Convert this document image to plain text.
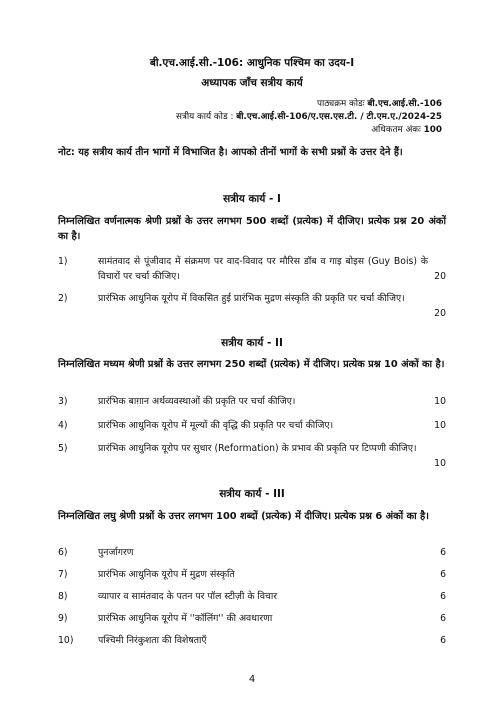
बी.एच.आई.सी.-106: आधुनिक पश्चिम का उदय-I
अध्यापक जाँच सत्रीय कार्य
पाठ्यक्रम कोडः बी.एच.आई.सी.-106
सत्रीय कार्य कोड : बी.एच.आई.सी-106/ए.एस.एस.टी. / टी.एम.ए./2024-25
अधिकतम अंकः 100
नोट: यह सत्रीय कार्य तीन भागों में विभाजित है। आपको तीनों भागों के सभी प्रश्नों के उत्तर देने हैं।
सत्रीय कार्य - I
निम्नलिखित वर्णनात्मक श्रेणी प्रश्नों के उत्तर लगभग 500 शब्दों (प्रत्येक) में दीजिए। प्रत्येक प्रश्न 20 अंकों का है।
1)	सामंतवाद से पूंजीवाद में संक्रमण पर वाद-विवाद पर मौरिस डॉब व गाइ बोइस (Guy Bois) के विचारों पर चर्चा कीजिए।	20
2)	प्रारंभिक आधुनिक यूरोप में विकसित हुई प्रारंभिक मुद्रण संस्कृति की प्रकृति पर चर्चा कीजिए।
20
सत्रीय कार्य - II
निम्नलिखित मध्यम श्रेणी प्रश्नों के उत्तर लगभग 250 शब्दों (प्रत्येक) में दीजिए। प्रत्येक प्रश्न 10 अंकों का है।
3)	प्रारंभिक बाग़ान अर्थव्यवस्थाओं की प्रकृति पर चर्चा कीजिए।	10
4)	प्रारंभिक आधुनिक यूरोप में मूल्यों की वृद्धि की प्रकृति पर चर्चा कीजिए।	10
5)	प्रारंभिक आधुनिक यूरोप पर सुधार (Reformation) के प्रभाव की प्रकृति पर टिप्पणी कीजिए।
10
सत्रीय कार्य - III
निम्नलिखित लघु श्रेणी प्रश्नों के उत्तर लगभग 100 शब्दों (प्रत्येक) में दीजिए। प्रत्येक प्रश्न 6 अंकों का है।
6)	पुनर्जागरण	6
7)	प्रारंभिक आधुनिक यूरोप में मुद्रण संस्कृति	6
8)	व्यापार व सामंतवाद के पतन पर पॉल स्टीज़ी के विचार	6
9)	प्रारंभिक आधुनिक यूरोप में ''कॉलिंग'' की अवधारणा	6
10)	पश्चिमी निरंकुशता की विशेषताएँ	6
4
